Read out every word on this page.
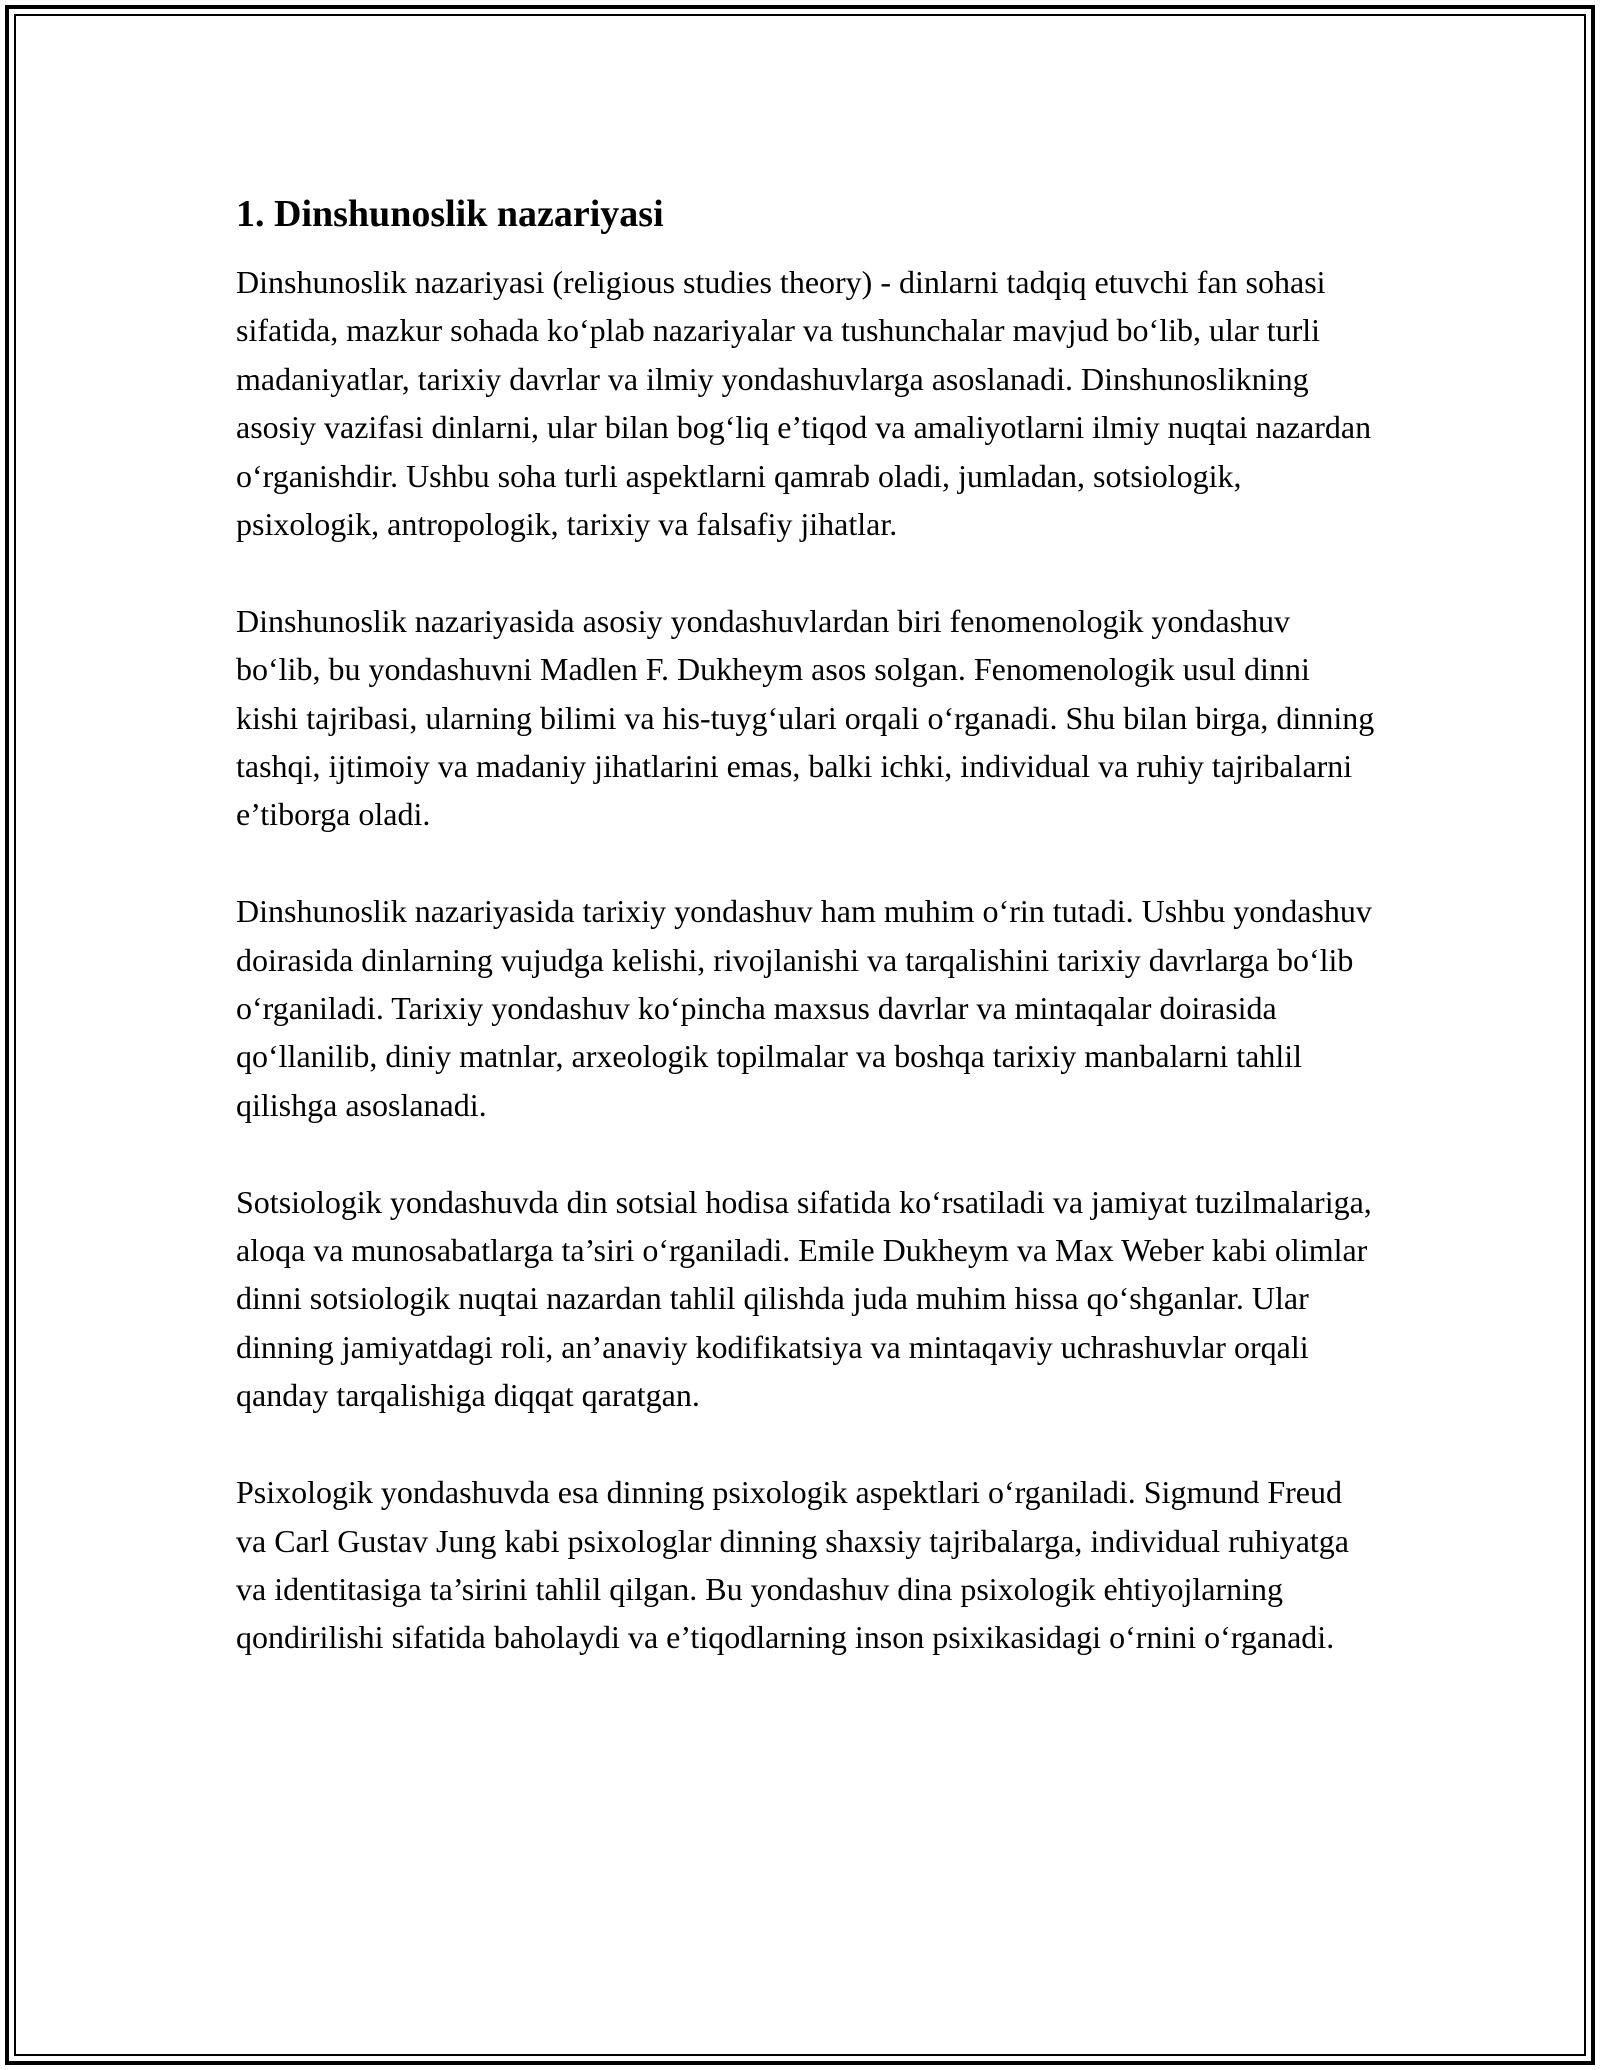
1. Dinshunoslik nazariyasi

Dinshunoslik nazariyasi (religious studies theory) - dinlarni tadqiq etuvchi fan sohasi sifatida, mazkur sohada ko‘plab nazariyalar va tushunchalar mavjud bo‘lib, ular turli madaniyatlar, tarixiy davrlar va ilmiy yondashuvlarga asoslanadi. Dinshunoslikning asosiy vazifasi dinlarni, ular bilan bog‘liq e’tiqod va amaliyotlarni ilmiy nuqtai nazardan o‘rganishdir. Ushbu soha turli aspektlarni qamrab oladi, jumladan, sotsiologik, psixologik, antropologik, tarixiy va falsafiy jihatlar.

Dinshunoslik nazariyasida asosiy yondashuvlardan biri fenomenologik yondashuv bo‘lib, bu yondashuvni Madlen F. Dukheym asos solgan. Fenomenologik usul dinni kishi tajribasi, ularning bilimi va his-tuyg‘ulari orqali o‘rganadi. Shu bilan birga, dinning tashqi, ijtimoiy va madaniy jihatlarini emas, balki ichki, individual va ruhiy tajribalarni e’tiborga oladi.

Dinshunoslik nazariyasida tarixiy yondashuv ham muhim o‘rin tutadi. Ushbu yondashuv doirasida dinlarning vujudga kelishi, rivojlanishi va tarqalishini tarixiy davrlarga bo‘lib o‘rganiladi. Tarixiy yondashuv ko‘pincha maxsus davrlar va mintaqalar doirasida qo‘llanilib, diniy matnlar, arxeologik topilmalar va boshqa tarixiy manbalarni tahlil qilishga asoslanadi.

Sotsiologik yondashuvda din sotsial hodisa sifatida ko‘rsatiladi va jamiyat tuzilmalariga, aloqa va munosabatlarga ta’siri o‘rganiladi. Emile Dukheym va Max Weber kabi olimlar dinni sotsiologik nuqtai nazardan tahlil qilishda juda muhim hissa qo‘shganlar. Ular dinning jamiyatdagi roli, an’anaviy kodifikatsiya va mintaqaviy uchrashuvlar orqali qanday tarqalishiga diqqat qaratgan.

Psixologik yondashuvda esa dinning psixologik aspektlari o‘rganiladi. Sigmund Freud va Carl Gustav Jung kabi psixologlar dinning shaxsiy tajribalarga, individual ruhiyatga va identitasiga ta’sirini tahlil qilgan. Bu yondashuv dina psixologik ehtiyojlarning qondirilishi sifatida baholaydi va e’tiqodlarning inson psixikasidagi o‘rnini o‘rganadi.
